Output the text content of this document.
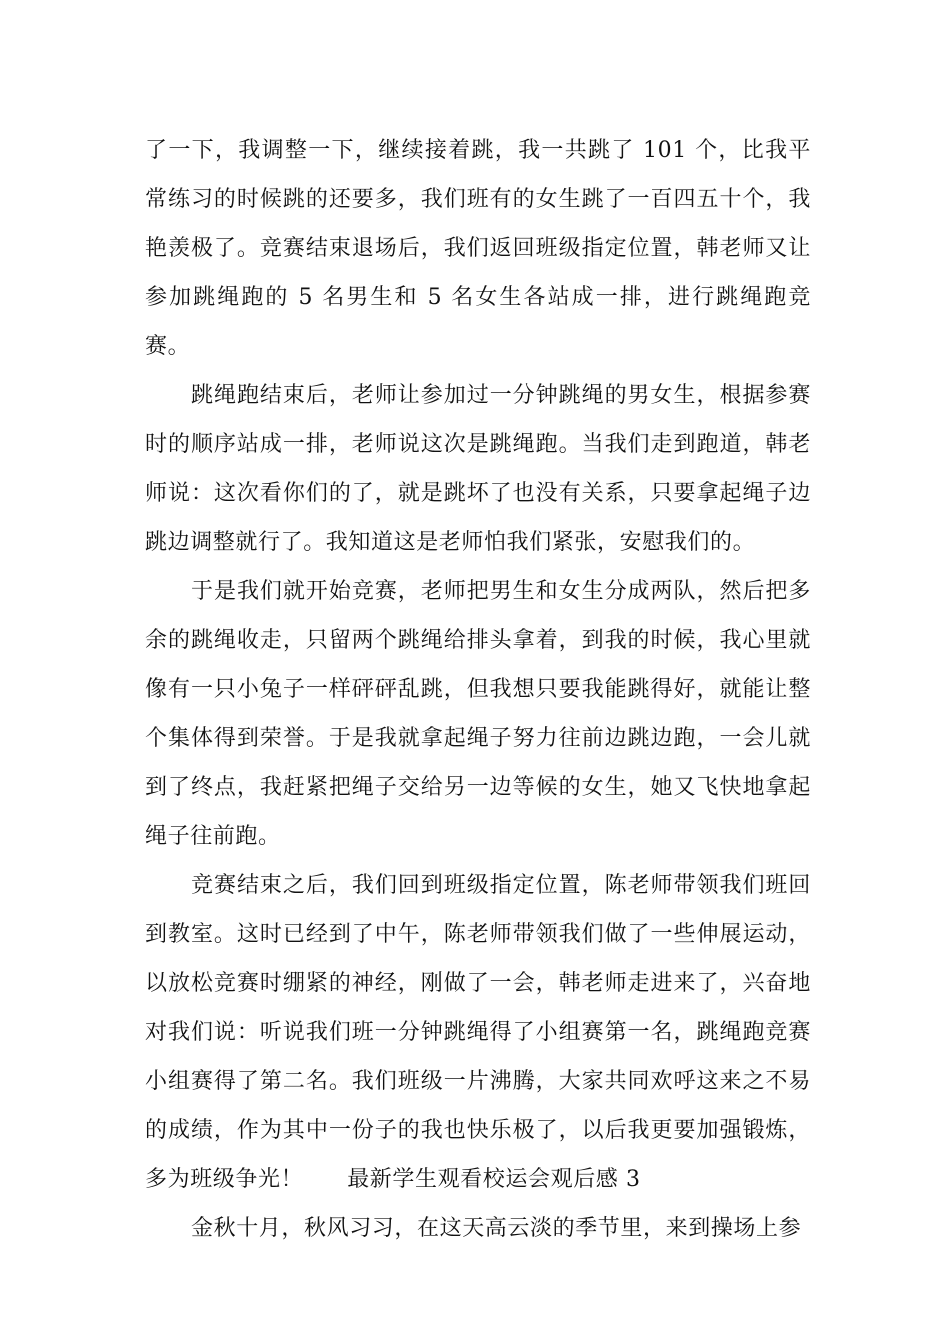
了一下，我调整一下，继续接着跳，我一共跳了 101 个，比我平常练习的时候跳的还要多，我们班有的女生跳了一百四五十个，我艳羡极了。竞赛结束退场后，我们返回班级指定位置，韩老师又让参加跳绳跑的 5 名男生和 5 名女生各站成一排，进行跳绳跑竞赛。

跳绳跑结束后，老师让参加过一分钟跳绳的男女生，根据参赛时的顺序站成一排，老师说这次是跳绳跑。当我们走到跑道，韩老师说：这次看你们的了，就是跳坏了也没有关系，只要拿起绳子边跳边调整就行了。我知道这是老师怕我们紧张，安慰我们的。

于是我们就开始竞赛，老师把男生和女生分成两队，然后把多余的跳绳收走，只留两个跳绳给排头拿着，到我的时候，我心里就像有一只小兔子一样砰砰乱跳，但我想只要我能跳得好，就能让整个集体得到荣誉。于是我就拿起绳子努力往前边跳边跑，一会儿就到了终点，我赶紧把绳子交给另一边等候的女生，她又飞快地拿起绳子往前跑。

竞赛结束之后，我们回到班级指定位置，陈老师带领我们班回到教室。这时已经到了中午，陈老师带领我们做了一些伸展运动，以放松竞赛时绷紧的神经，刚做了一会，韩老师走进来了，兴奋地对我们说：听说我们班一分钟跳绳得了小组赛第一名，跳绳跑竞赛小组赛得了第二名。我们班级一片沸腾，大家共同欢呼这来之不易的成绩，作为其中一份子的我也快乐极了，以后我更要加强锻炼，多为班级争光！ 最新学生观看校运会观后感 3

金秋十月，秋风习习，在这天高云淡的季节里，来到操场上参
